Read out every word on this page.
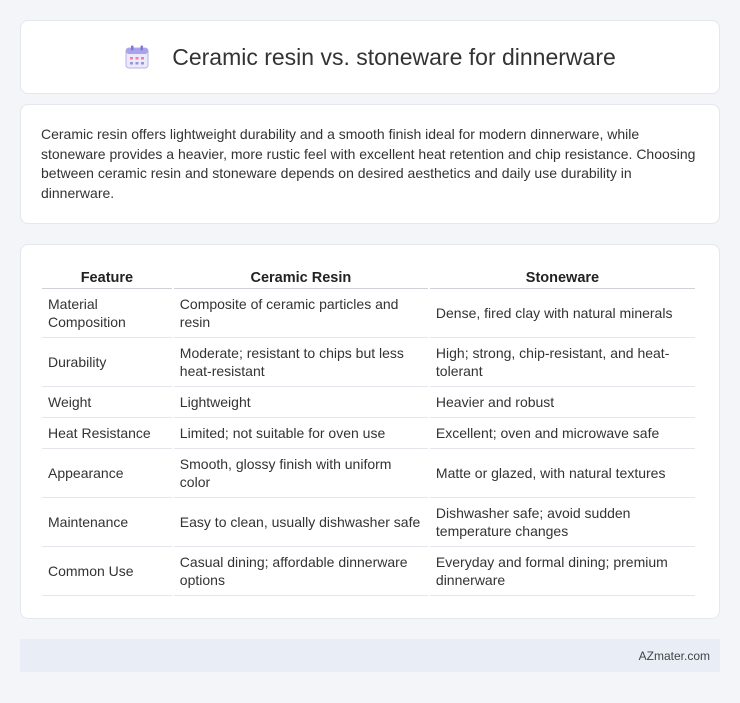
Ceramic resin vs. stoneware for dinnerware

Ceramic resin offers lightweight durability and a smooth finish ideal for modern dinnerware, while stoneware provides a heavier, more rustic feel with excellent heat retention and chip resistance. Choosing between ceramic resin and stoneware depends on desired aesthetics and daily use durability in dinnerware.

Feature	Ceramic Resin	Stoneware
Material Composition	Composite of ceramic particles and resin	Dense, fired clay with natural minerals
Durability	Moderate; resistant to chips but less heat-resistant	High; strong, chip-resistant, and heat-tolerant
Weight	Lightweight	Heavier and robust
Heat Resistance	Limited; not suitable for oven use	Excellent; oven and microwave safe
Appearance	Smooth, glossy finish with uniform color	Matte or glazed, with natural textures
Maintenance	Easy to clean, usually dishwasher safe	Dishwasher safe; avoid sudden temperature changes
Common Use	Casual dining; affordable dinnerware options	Everyday and formal dining; premium dinnerware
AZmater.com
